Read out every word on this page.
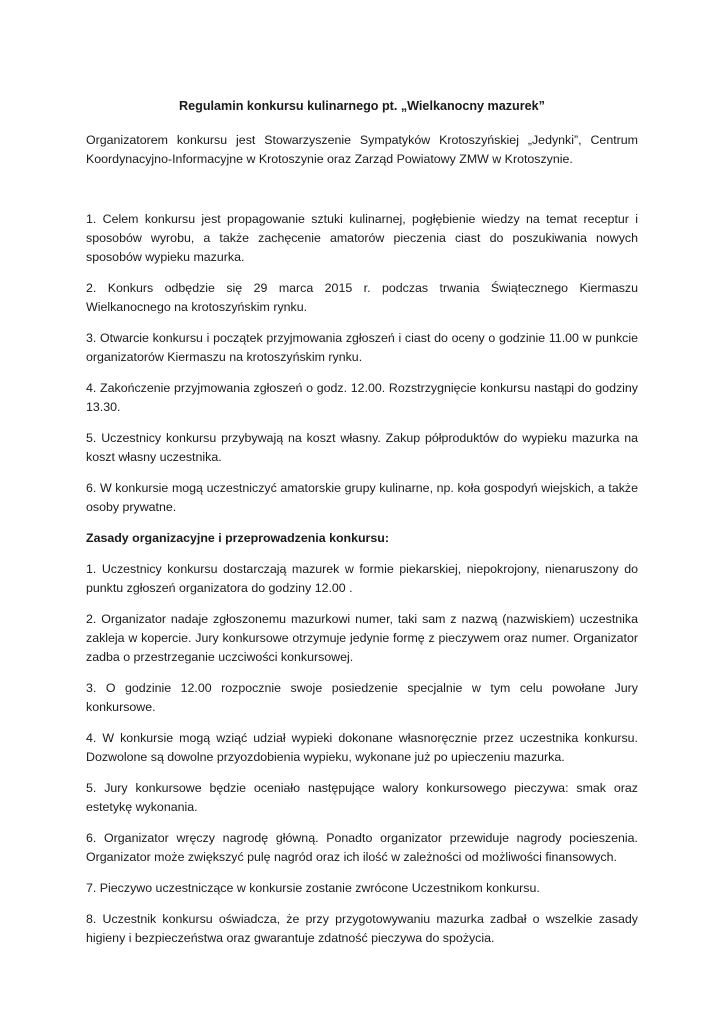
Regulamin konkursu kulinarnego pt. „Wielkanocny mazurek”
Organizatorem konkursu jest Stowarzyszenie Sympatyków Krotoszyńskiej „Jedynki”, Centrum Koordynacyjno-Informacyjne w Krotoszynie oraz Zarząd Powiatowy ZMW w Krotoszynie.

1. Celem konkursu jest propagowanie sztuki kulinarnej, pogłębienie wiedzy na temat receptur i sposobów wyrobu, a także zachęcenie amatorów pieczenia ciast do poszukiwania nowych sposobów wypieku mazurka.

2. Konkurs odbędzie się 29 marca 2015 r. podczas trwania Świątecznego Kiermaszu Wielkanocnego na krotoszyńskim rynku.

3. Otwarcie konkursu i początek przyjmowania zgłoszeń i ciast do oceny o godzinie 11.00 w punkcie organizatorów Kiermaszu na krotoszyńskim rynku.

4. Zakończenie przyjmowania zgłoszeń o godz. 12.00. Rozstrzygnięcie konkursu nastąpi do godziny 13.30.

5. Uczestnicy konkursu przybywają na koszt własny. Zakup półproduktów do wypieku mazurka na koszt własny uczestnika.

6. W konkursie mogą uczestniczyć amatorskie grupy kulinarne, np. koła gospodyń wiejskich, a także osoby prywatne.

Zasady organizacyjne i przeprowadzenia konkursu:

1. Uczestnicy konkursu dostarczają mazurek w formie piekarskiej, niepokrojony, nienaruszony do punktu zgłoszeń organizatora do godziny 12.00 .

2. Organizator nadaje zgłoszonemu mazurkowi numer, taki sam z nazwą (nazwiskiem) uczestnika zakleja w kopercie. Jury konkursowe otrzymuje jedynie formę z pieczywem oraz numer. Organizator zadba o przestrzeganie uczciwości konkursowej.

3. O godzinie 12.00 rozpocznie swoje posiedzenie specjalnie w tym celu powołane Jury konkursowe.

4. W konkursie mogą wziąć udział wypieki dokonane własnoręcznie przez uczestnika konkursu. Dozwolone są dowolne przyozdobienia wypieku, wykonane już po upieczeniu mazurka.

5. Jury konkursowe będzie oceniało następujące walory konkursowego pieczywa: smak oraz estetykę wykonania.

6. Organizator wręczy nagrodę główną. Ponadto organizator przewiduje nagrody pocieszenia. Organizator może zwiększyć pulę nagród oraz ich ilość w zależności od możliwości finansowych.

7. Pieczywo uczestniczące w konkursie zostanie zwrócone Uczestnikom konkursu.

8. Uczestnik konkursu oświadcza, że przy przygotowywaniu mazurka zadbał o wszelkie zasady higieny i bezpieczeństwa oraz gwarantuje zdatność pieczywa do spożycia.
